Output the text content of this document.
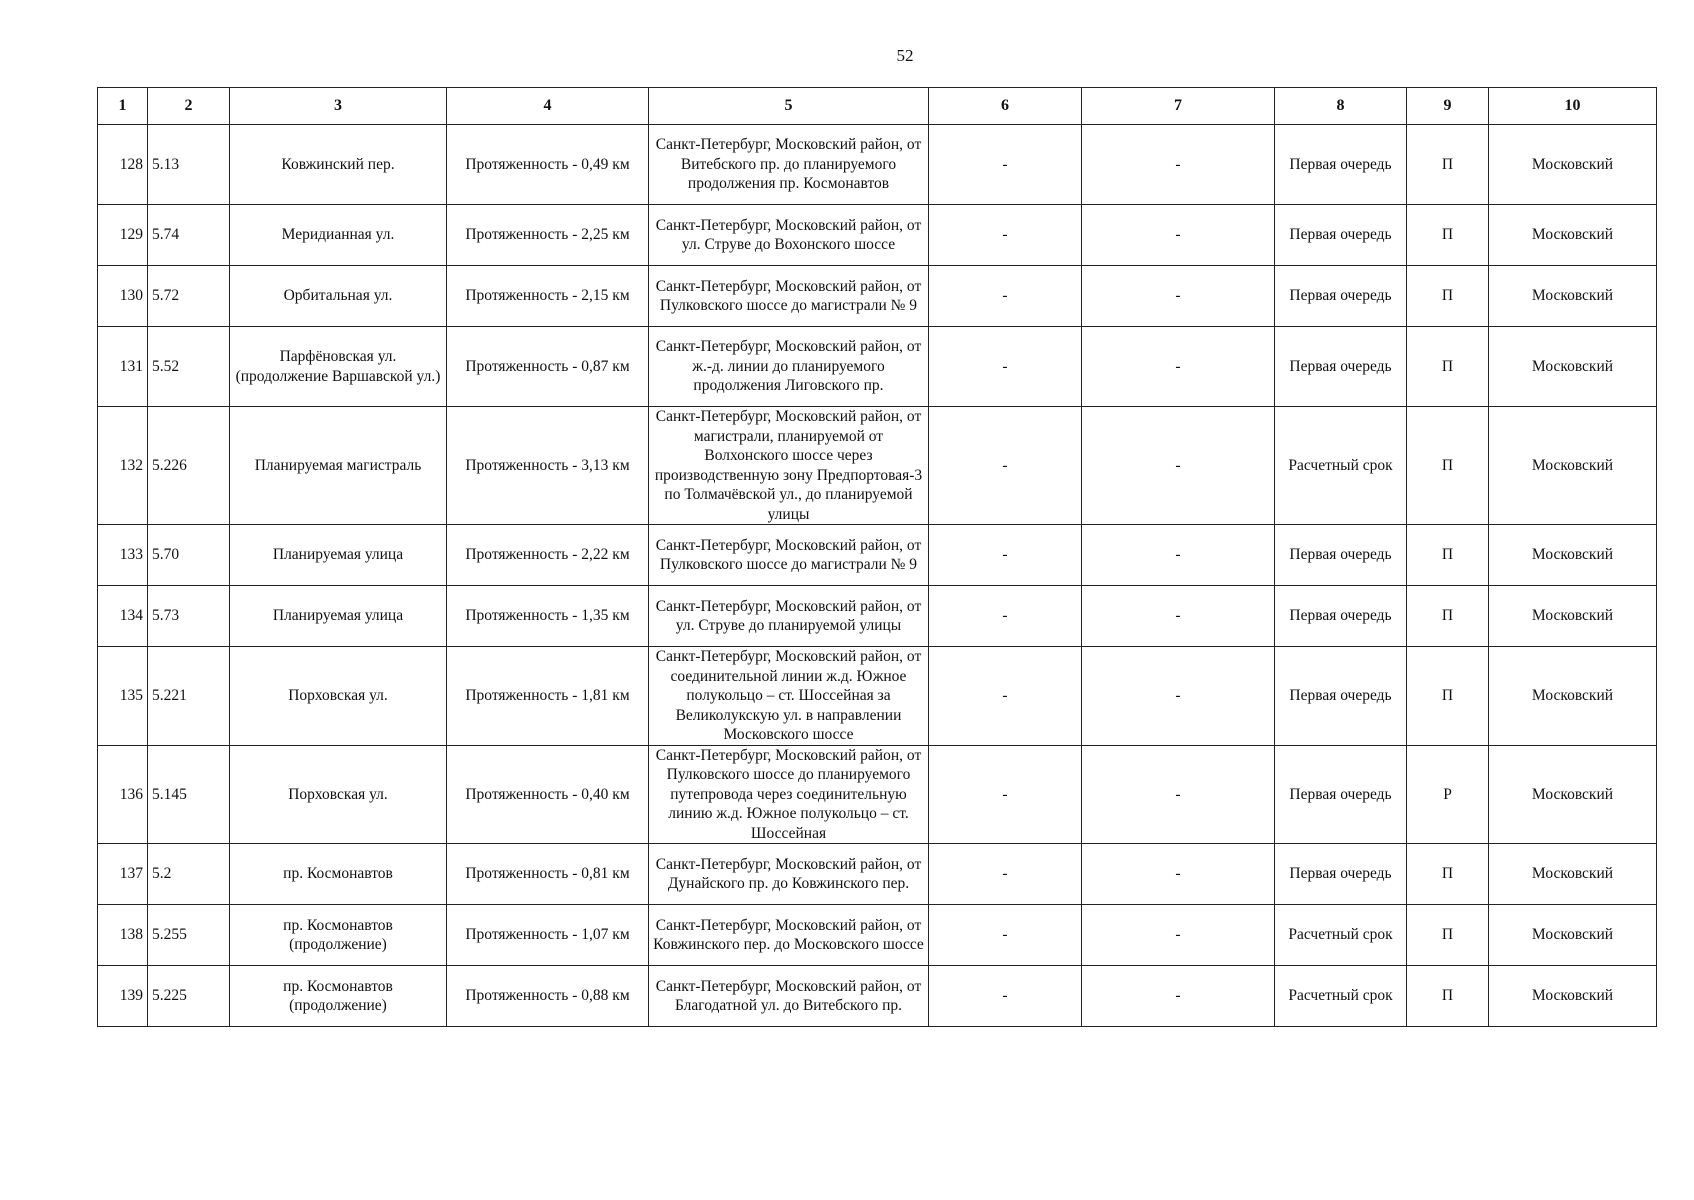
52
1	2	3	4	5	6	7	8	9	10
128	5.13	Ковжинский пер.	Протяженность - 0,49 км	Санкт-Петербург, Московский район, от Витебского пр. до планируемого продолжения пр. Космонавтов	-	-	Первая очередь	П	Московский
129	5.74	Меридианная ул.	Протяженность - 2,25 км	Санкт-Петербург, Московский район, от ул. Струве до Вохонского шоссе	-	-	Первая очередь	П	Московский
130	5.72	Орбитальная ул.	Протяженность - 2,15 км	Санкт-Петербург, Московский район, от Пулковского шоссе до магистрали № 9	-	-	Первая очередь	П	Московский
131	5.52	Парфёновская ул. (продолжение Варшавской ул.)	Протяженность - 0,87 км	Санкт-Петербург, Московский район, от ж.-д. линии до планируемого продолжения Лиговского пр.	-	-	Первая очередь	П	Московский
132	5.226	Планируемая магистраль	Протяженность - 3,13 км	Санкт-Петербург, Московский район, от магистрали, планируемой от Волхонского шоссе через производственную зону Предпортовая-3 по Толмачёвской ул., до планируемой улицы	-	-	Расчетный срок	П	Московский
133	5.70	Планируемая улица	Протяженность - 2,22 км	Санкт-Петербург, Московский район, от Пулковского шоссе до магистрали № 9	-	-	Первая очередь	П	Московский
134	5.73	Планируемая улица	Протяженность - 1,35 км	Санкт-Петербург, Московский район, от ул. Струве до планируемой улицы	-	-	Первая очередь	П	Московский
135	5.221	Порховская ул.	Протяженность - 1,81 км	Санкт-Петербург, Московский район, от соединительной линии ж.д. Южное полукольцо – ст. Шоссейная за Великолукскую ул. в направлении Московского шоссе	-	-	Первая очередь	П	Московский
136	5.145	Порховская ул.	Протяженность - 0,40 км	Санкт-Петербург, Московский район, от Пулковского шоссе до планируемого путепровода через соединительную линию ж.д. Южное полукольцо – ст. Шоссейная	-	-	Первая очередь	Р	Московский
137	5.2	пр. Космонавтов	Протяженность - 0,81 км	Санкт-Петербург, Московский район, от Дунайского пр. до Ковжинского пер.	-	-	Первая очередь	П	Московский
138	5.255	пр. Космонавтов (продолжение)	Протяженность - 1,07 км	Санкт-Петербург, Московский район, от Ковжинского пер. до Московского шоссе	-	-	Расчетный срок	П	Московский
139	5.225	пр. Космонавтов (продолжение)	Протяженность - 0,88 км	Санкт-Петербург, Московский район, от Благодатной ул. до Витебского пр.	-	-	Расчетный срок	П	Московский
